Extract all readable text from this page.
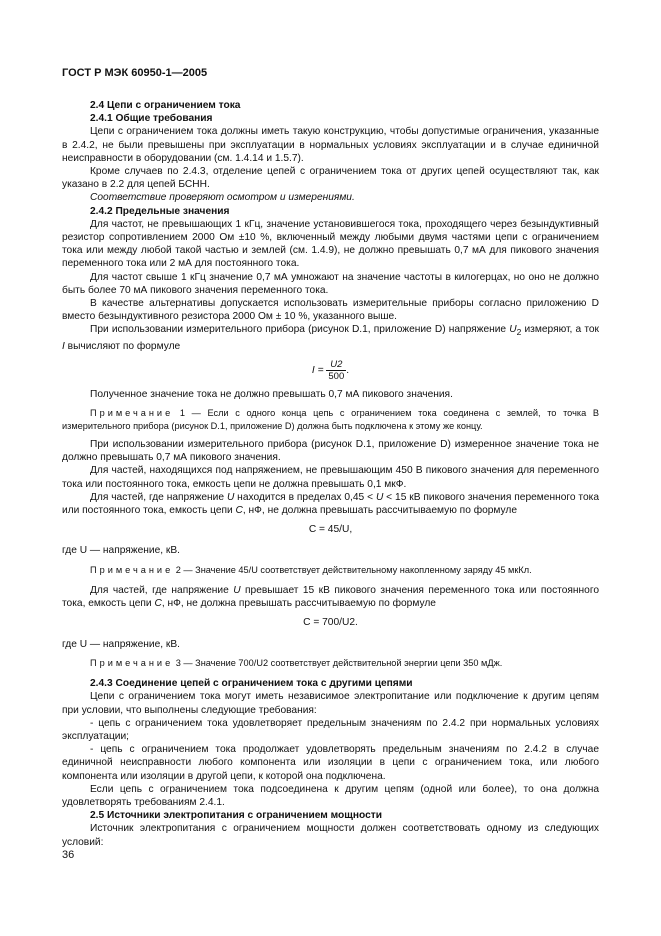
ГОСТ Р МЭК 60950-1—2005

2.4 Цепи с ограничением тока

2.4.1 Общие требования

Цепи с ограничением тока должны иметь такую конструкцию, чтобы допустимые ограничения, указанные в 2.4.2, не были превышены при эксплуатации в нормальных условиях эксплуатации и в случае единичной неисправности в оборудовании (см. 1.4.14 и 1.5.7).

Кроме случаев по 2.4.3, отделение цепей с ограничением тока от других цепей осуществляют так, как указано в 2.2 для цепей БСНН.

Соответствие проверяют осмотром и измерениями.

2.4.2 Предельные значения

Для частот, не превышающих 1 кГц, значение установившегося тока, проходящего через безындуктивный резистор сопротивлением 2000 Ом ±10 %, включенный между любыми двумя частями цепи с ограничением тока или между любой такой частью и землей (см. 1.4.9), не должно превышать 0,7 мА для пикового значения переменного тока или 2 мА для постоянного тока.

Для частот свыше 1 кГц значение 0,7 мА умножают на значение частоты в килогерцах, но оно не должно быть более 70 мА пикового значения переменного тока.

В качестве альтернативы допускается использовать измерительные приборы согласно приложению D вместо безындуктивного резистора 2000 Ом ± 10 %, указанного выше.

При использовании измерительного прибора (рисунок D.1, приложение D) напряжение $U_2$ измеряют, а ток I вычисляют по формуле

$I = \frac{U2}{500}$ .

Полученное значение тока не должно превышать 0,7 мА пикового значения.

Примечание 1 — Если с одного конца цепь с ограничением тока соединена с землей, то точка В измерительного прибора (рисунок D.1, приложение D) должна быть подключена к этому же концу.

При использовании измерительного прибора (рисунок D.1, приложение D) измеренное значение тока не должно превышать 0,7 мА пикового значения.

Для частей, находящихся под напряжением, не превышающим 450 В пикового значения для переменного тока или постоянного тока, емкость цепи не должна превышать 0,1 мкФ.

Для частей, где напряжение U находится в пределах 0,45 < U < 15 кВ пикового значения переменного тока или постоянного тока, емкость цепи С, нФ, не должна превышать рассчитываемую по формуле

С = 45/U,

где U — напряжение, кВ.

Примечание 2 — Значение 45/U соответствует действительному накопленному заряду 45 мкКл.

Для частей, где напряжение U превышает 15 кВ пикового значения переменного тока или постоянного тока, емкость цепи С, нФ, не должна превышать рассчитываемую по формуле

С = 700/U2.

где U — напряжение, кВ.

Примечание 3 — Значение 700/U2 соответствует действительной энергии цепи 350 мДж.

2.4.3 Соединение цепей с ограничением тока с другими цепями

Цепи с ограничением тока могут иметь независимое электропитание или подключение к другим цепям при условии, что выполнены следующие требования:

- цепь с ограничением тока удовлетворяет предельным значениям по 2.4.2 при нормальных условиях эксплуатации;

- цепь с ограничением тока продолжает удовлетворять предельным значениям по 2.4.2 в случае единичной неисправности любого компонента или изоляции в цепи с ограничением тока, или любого компонента или изоляции в другой цепи, к которой она подключена.

Если цепь с ограничением тока подсоединена к другим цепям (одной или более), то она должна удовлетворять требованиям 2.4.1.

2.5 Источники электропитания с ограничением мощности

Источник электропитания с ограничением мощности должен соответствовать одному из следующих условий:

36
